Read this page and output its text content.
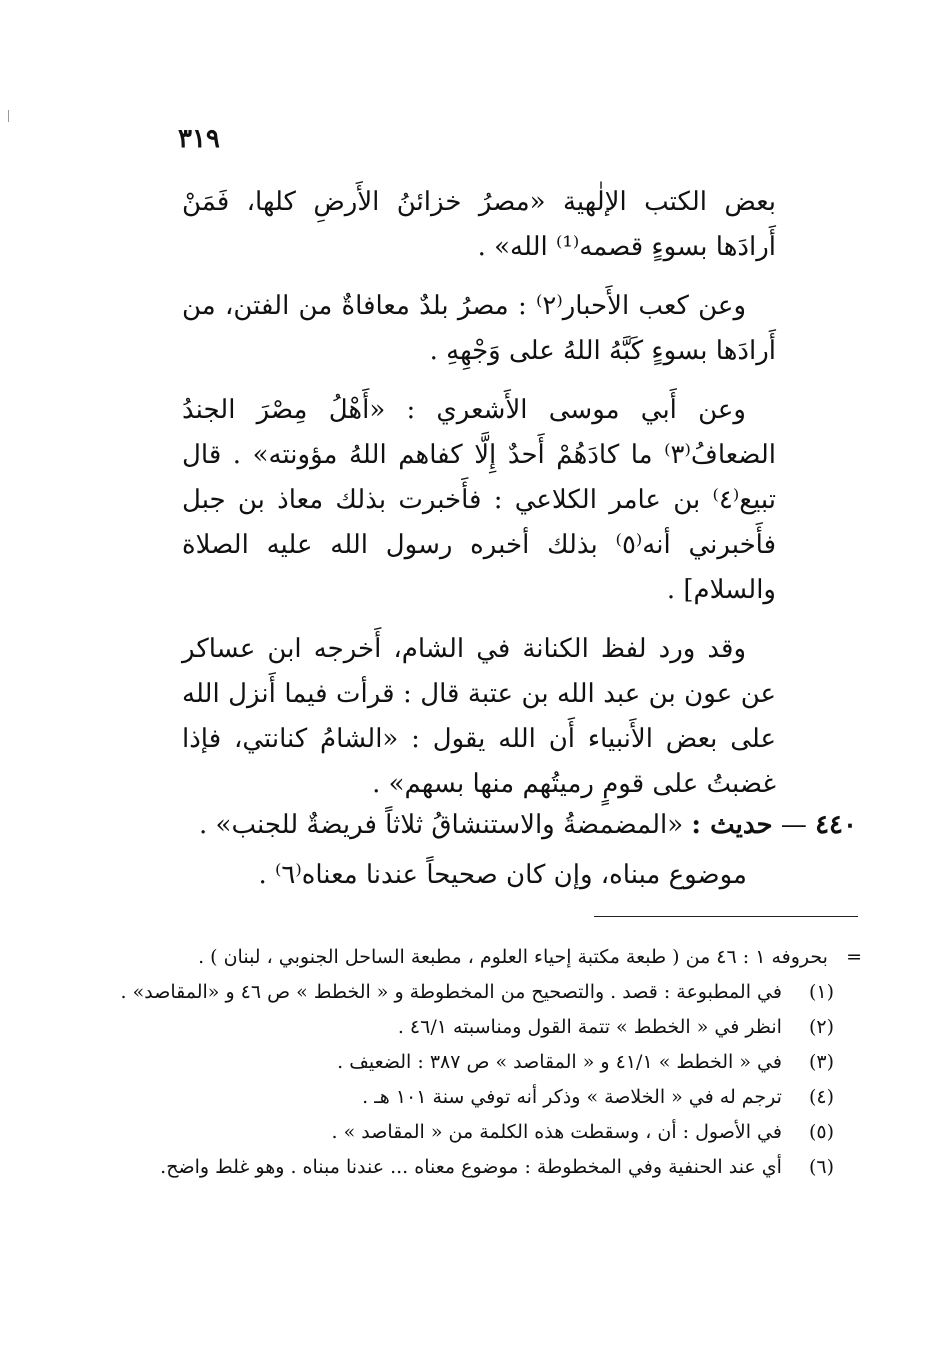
٣١٩

بعض الكتب الإلٰهية «مصرُ خزائنُ الأَرضِ كلها، فَمَنْ أَرادَها بسوءٍ قصمه⁽¹⁾ الله» .

وعن كعب الأَحبار⁽٢⁾ : مصرُ بلدٌ معافاةٌ من الفتن، من أَرادَها بسوءٍ كَبَّهُ اللهُ على وَجْهِهِ .

وعن أَبي موسى الأَشعري : «أَهْلُ مِصْرَ الجندُ الضعافُ⁽٣⁾ ما كادَهُمْ أَحدٌ إِلَّا كفاهم اللهُ مؤونته» . قال تبيع⁽٤⁾ بن عامر الكلاعي : فأَخبرت بذلك معاذ بن جبل فأَخبرني أنه⁽٥⁾ بذلك أخبره رسول الله عليه الصلاة والسلام] .

وقد ورد لفظ الكنانة في الشام، أَخرجه ابن عساكر عن عون بن عبد الله بن عتبة قال : قرأت فيما أَنزل الله على بعض الأَنبياء أَن الله يقول : «الشامُ كنانتي، فإذا غضبتُ على قومٍ رميتُهم منها بسهم» .

٤٤٠ — حديث : «المضمضةُ والاستنشاقُ ثلاثاً فريضةٌ للجنب» .
موضوع مبناه، وإن كان صحيحاً عندنا معناه⁽٦⁾ .
= بحروفه ١ : ٤٦ من ( طبعة مكتبة إحياء العلوم ، مطبعة الساحل الجنوبي ، لبنان ) .
(١) في المطبوعة : قصد . والتصحيح من المخطوطة و « الخطط » ص ٤٦ و «المقاصد» .
(٢) انظر في « الخطط » تتمة القول ومناسبته ٤٦/١ .
(٣) في « الخطط » ٤١/١ و « المقاصد » ص ٣٨٧ : الضعيف .
(٤) ترجم له في « الخلاصة » وذكر أنه توفي سنة ١٠١ هـ .
(٥) في الأصول : أن ، وسقطت هذه الكلمة من « المقاصد » .
(٦) أي عند الحنفية وفي المخطوطة : موضوع معناه ... عندنا مبناه . وهو غلط واضح.
